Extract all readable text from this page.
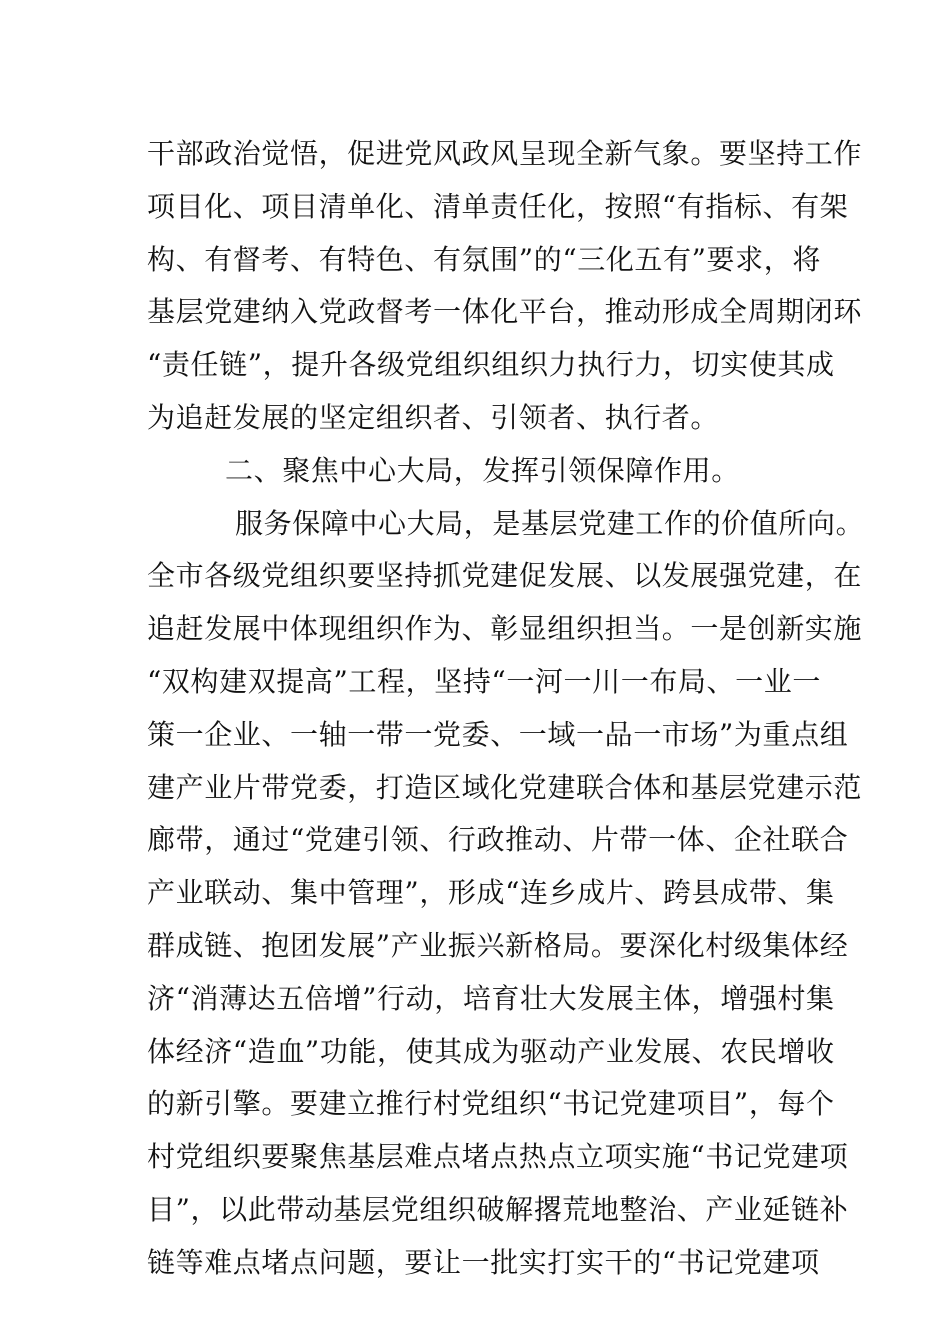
干部政治觉悟，促进党风政风呈现全新气象。要坚持工作
项目化、项目清单化、清单责任化，按照“有指标、有架
构、有督考、有特色、有氛围”的“三化五有”要求，将
基层党建纳入党政督考一体化平台，推动形成全周期闭环
“责任链”，提升各级党组织组织力执行力，切实使其成
为追赶发展的坚定组织者、引领者、执行者。
二、聚焦中心大局，发挥引领保障作用。
服务保障中心大局，是基层党建工作的价值所向。
全市各级党组织要坚持抓党建促发展、以发展强党建，在
追赶发展中体现组织作为、彰显组织担当。一是创新实施
“双构建双提高”工程，坚持“一河一川一布局、一业一
策一企业、一轴一带一党委、一域一品一市场”为重点组
建产业片带党委，打造区域化党建联合体和基层党建示范
廊带，通过“党建引领、行政推动、片带一体、企社联合
产业联动、集中管理”，形成“连乡成片、跨县成带、集
群成链、抱团发展”产业振兴新格局。要深化村级集体经
济“消薄达五倍增”行动，培育壮大发展主体，增强村集
体经济“造血”功能，使其成为驱动产业发展、农民增收
的新引擎。要建立推行村党组织“书记党建项目”，每个
村党组织要聚焦基层难点堵点热点立项实施“书记党建项
目”，以此带动基层党组织破解撂荒地整治、产业延链补
链等难点堵点问题，要让一批实打实干的“书记党建项
